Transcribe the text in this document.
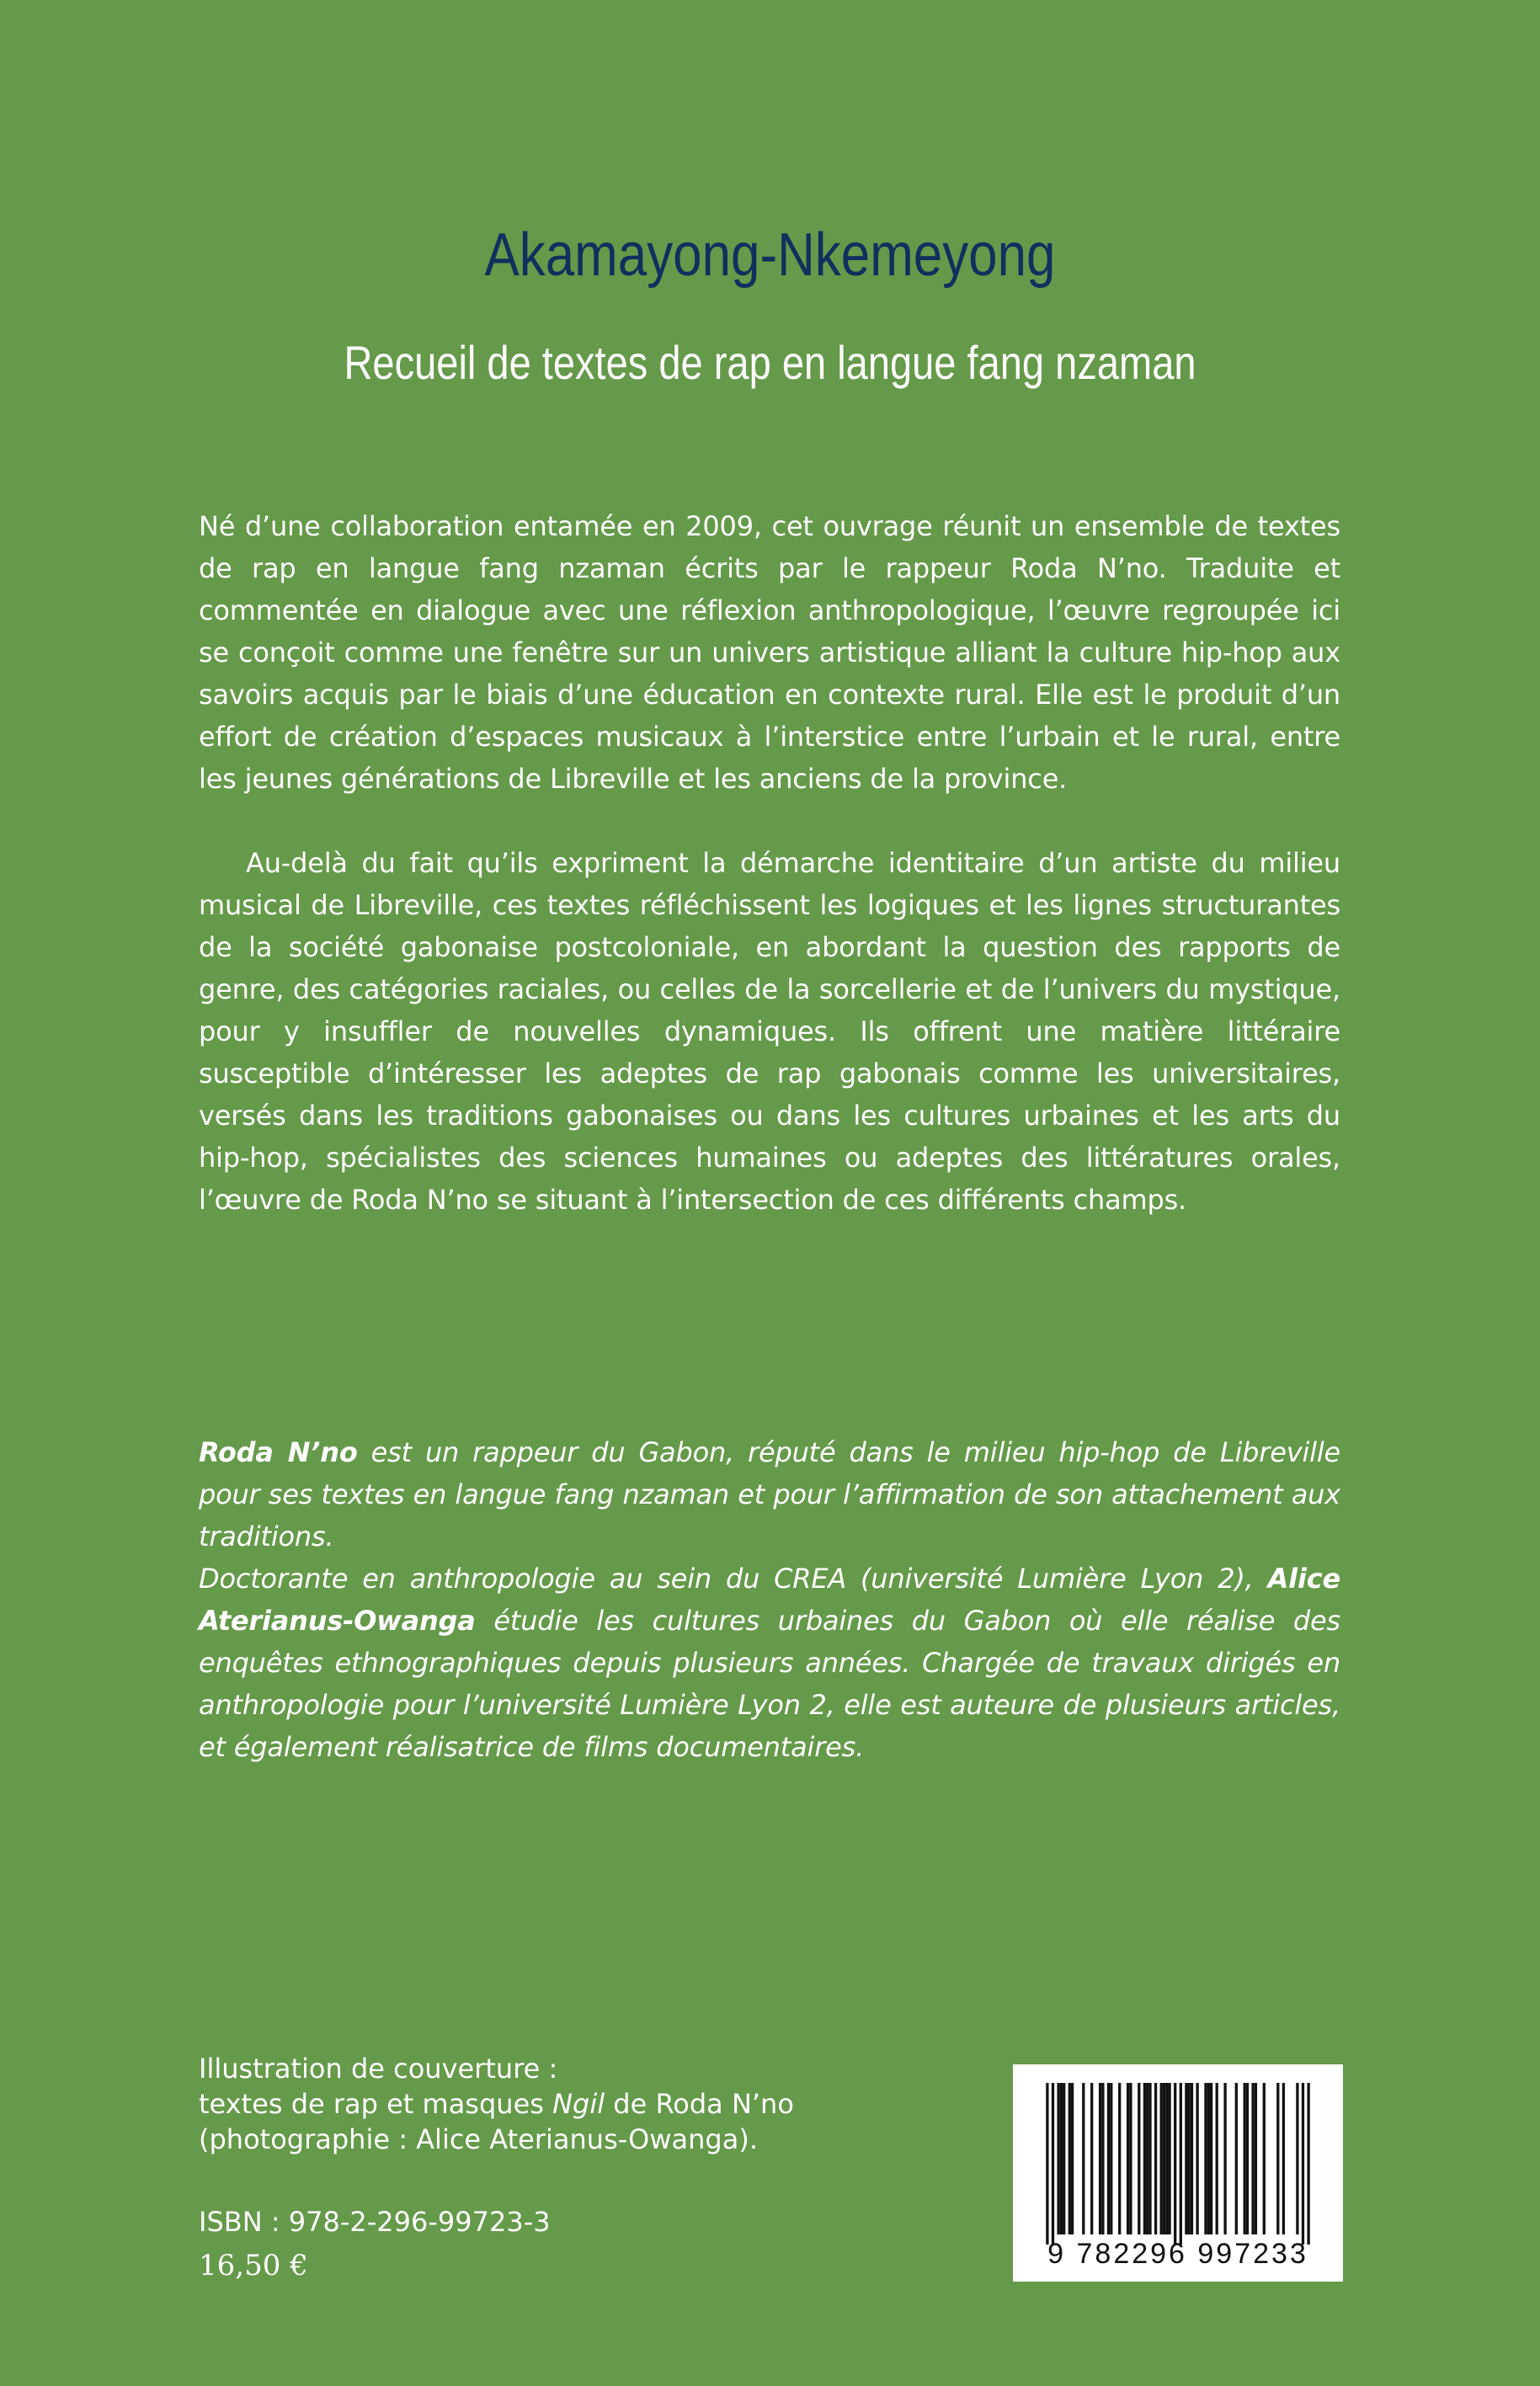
Akamayong-Nkemeyong
Recueil de textes de rap en langue fang nzaman

Né d’une collaboration entamée en 2009, cet ouvrage réunit un ensemble de textes de rap en langue fang nzaman écrits par le rappeur Roda N’no. Traduite et commentée en dialogue avec une réflexion anthropologique, l’œuvre regroupée ici se conçoit comme une fenêtre sur un univers artistique alliant la culture hip-hop aux savoirs acquis par le biais d’une éducation en contexte rural. Elle est le produit d’un effort de création d’espaces musicaux à l’interstice entre l’urbain et le rural, entre les jeunes générations de Libreville et les anciens de la province.

Au-delà du fait qu’ils expriment la démarche identitaire d’un artiste du milieu musical de Libreville, ces textes réfléchissent les logiques et les lignes structurantes de la société gabonaise postcoloniale, en abordant la question des rapports de genre, des catégories raciales, ou celles de la sorcellerie et de l’univers du mystique, pour y insuffler de nouvelles dynamiques. Ils offrent une matière littéraire susceptible d’intéresser les adeptes de rap gabonais comme les universitaires, versés dans les traditions gabonaises ou dans les cultures urbaines et les arts du hip-hop, spécialistes des sciences humaines ou adeptes des littératures orales, l’œuvre de Roda N’no se situant à l’intersection de ces différents champs.

Roda N’no est un rappeur du Gabon, réputé dans le milieu hip-hop de Libreville pour ses textes en langue fang nzaman et pour l’affirmation de son attachement aux traditions.

Doctorante en anthropologie au sein du CREA (université Lumière Lyon 2), Alice Aterianus-Owanga étudie les cultures urbaines du Gabon où elle réalise des enquêtes ethnographiques depuis plusieurs années. Chargée de travaux dirigés en anthropologie pour l’université Lumière Lyon 2, elle est auteure de plusieurs articles, et également réalisatrice de films documentaires.

Illustration de couverture :
textes de rap et masques Ngil de Roda N’no
(photographie : Alice Aterianus-Owanga).
ISBN : 978-2-296-99723-3
16,50 €	9 782296 997233
